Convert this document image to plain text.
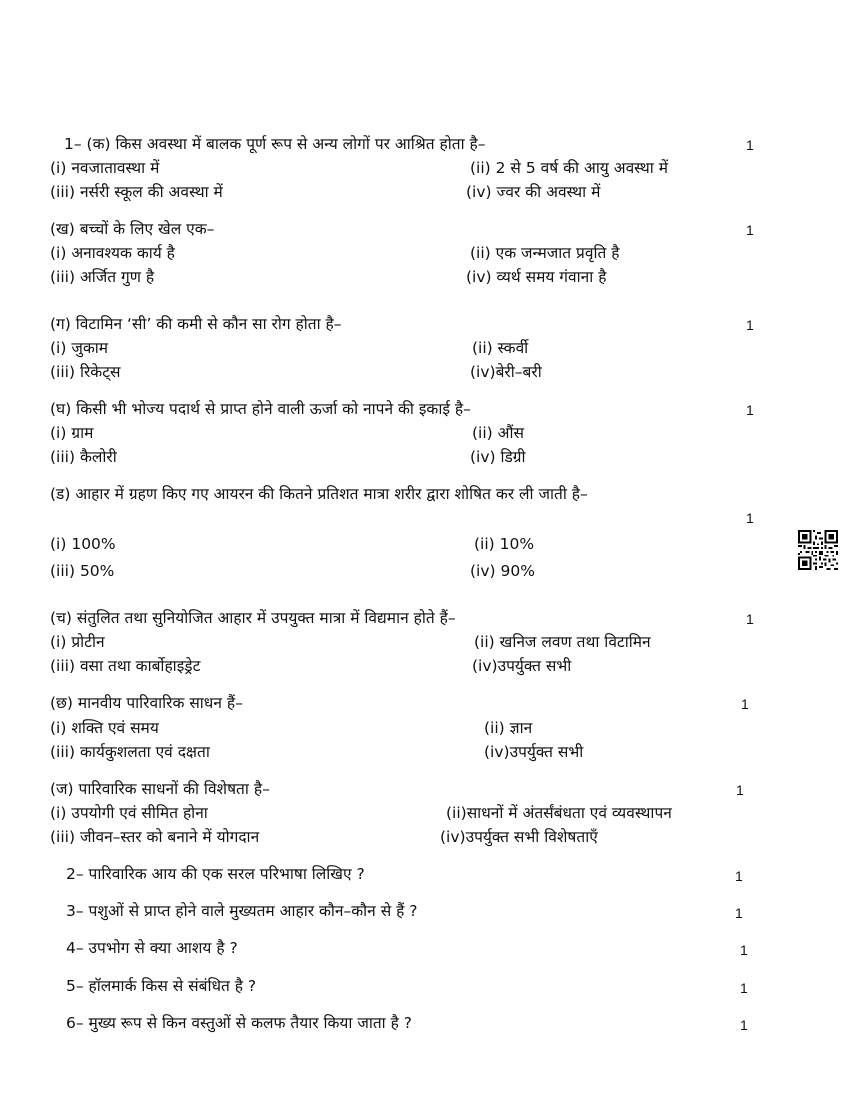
1– (क) किस अवस्था में बालक पूर्ण रूप से अन्य लोगों पर आश्रित होता है–	1
(i) नवजातावस्था में	(ii) 2 से 5 वर्ष की आयु अवस्था में
(iii) नर्सरी स्कूल की अवस्था में	(iv) ज्वर की अवस्था में
(ख) बच्चों के लिए खेल एक–	1
(i) अनावश्यक कार्य है	(ii) एक जन्मजात प्रवृति है
(iii) अर्जित गुण है	(iv) व्यर्थ समय गंवाना है
(ग) विटामिन ‘सी’ की कमी से कौन सा रोग होता है–	1
(i) जुकाम	(ii) स्कर्वी
(iii) रिकेट्स	(iv)बेरी–बरी
(घ) किसी भी भोज्य पदार्थ से प्राप्त होने वाली ऊर्जा को नापने की इकाई है–	1
(i) ग्राम	(ii) औंस
(iii) कैलोरी	(iv) डिग्री
(ड) आहार में ग्रहण किए गए आयरन की कितने प्रतिशत मात्रा शरीर द्वारा शोषित कर ली जाती है–
1
(i) 100%	(ii) 10%
(iii) 50%	(iv) 90%
(च) संतुलित तथा सुनियोजित आहार में उपयुक्त मात्रा में विद्यमान होते हैं–	1
(i) प्रोटीन	(ii) खनिज लवण तथा विटामिन
(iii) वसा तथा कार्बोहाइड्रेट	(iv)उपर्युक्त सभी
(छ) मानवीय पारिवारिक साधन हैं–	1
(i) शक्ति एवं समय	(ii) ज्ञान
(iii) कार्यकुशलता एवं दक्षता	(iv)उपर्युक्त सभी
(ज) पारिवारिक साधनों की विशेषता है–	1
(i) उपयोगी एवं सीमित होना	(ii)साधनों में अंतर्संबंधता एवं व्यवस्थापन
(iii) जीवन–स्तर को बनाने में योगदान	(iv)उपर्युक्त सभी विशेषताएँ
2– पारिवारिक आय की एक सरल परिभाषा लिखिए ?	1
3– पशुओं से प्राप्त होने वाले मुख्यतम आहार कौन–कौन से हैं ?	1
4– उपभोग से क्या आशय है ?	1
5– हॉलमार्क किस से संबंधित है ?	1
6– मुख्य रूप से किन वस्तुओं से कलफ तैयार किया जाता है ?	1
